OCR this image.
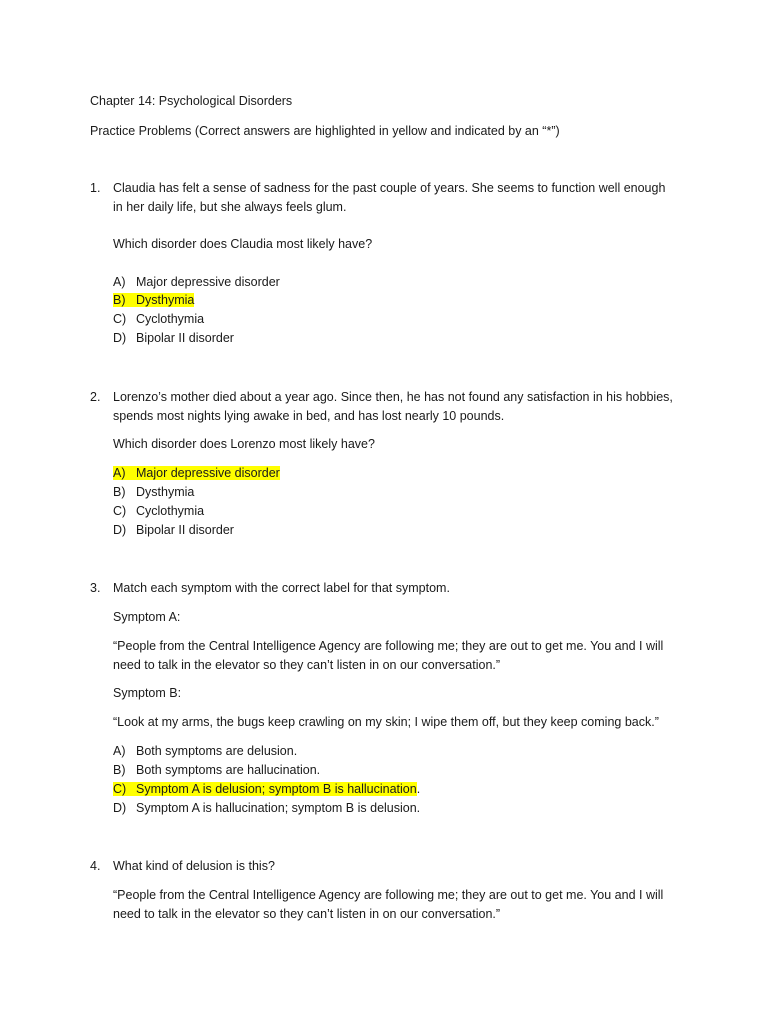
Chapter 14: Psychological Disorders
Practice Problems (Correct answers are highlighted in yellow and indicated by an “*”)
1. Claudia has felt a sense of sadness for the past couple of years. She seems to function well enough
in her daily life, but she always feels glum.
Which disorder does Claudia most likely have?
A) Major depressive disorder
B) Dysthymia
C) Cyclothymia
D) Bipolar II disorder
2. Lorenzo’s mother died about a year ago. Since then, he has not found any satisfaction in his hobbies,
spends most nights lying awake in bed, and has lost nearly 10 pounds.
Which disorder does Lorenzo most likely have?
A) Major depressive disorder
B) Dysthymia
C) Cyclothymia
D) Bipolar II disorder
3. Match each symptom with the correct label for that symptom.
Symptom A:
“People from the Central Intelligence Agency are following me; they are out to get me. You and I will
need to talk in the elevator so they can’t listen in on our conversation.”
Symptom B:
“Look at my arms, the bugs keep crawling on my skin; I wipe them off, but they keep coming back.”
A) Both symptoms are delusion.
B) Both symptoms are hallucination.
C) Symptom A is delusion; symptom B is hallucination.
D) Symptom A is hallucination; symptom B is delusion.
4. What kind of delusion is this?
“People from the Central Intelligence Agency are following me; they are out to get me. You and I will
need to talk in the elevator so they can’t listen in on our conversation.”
